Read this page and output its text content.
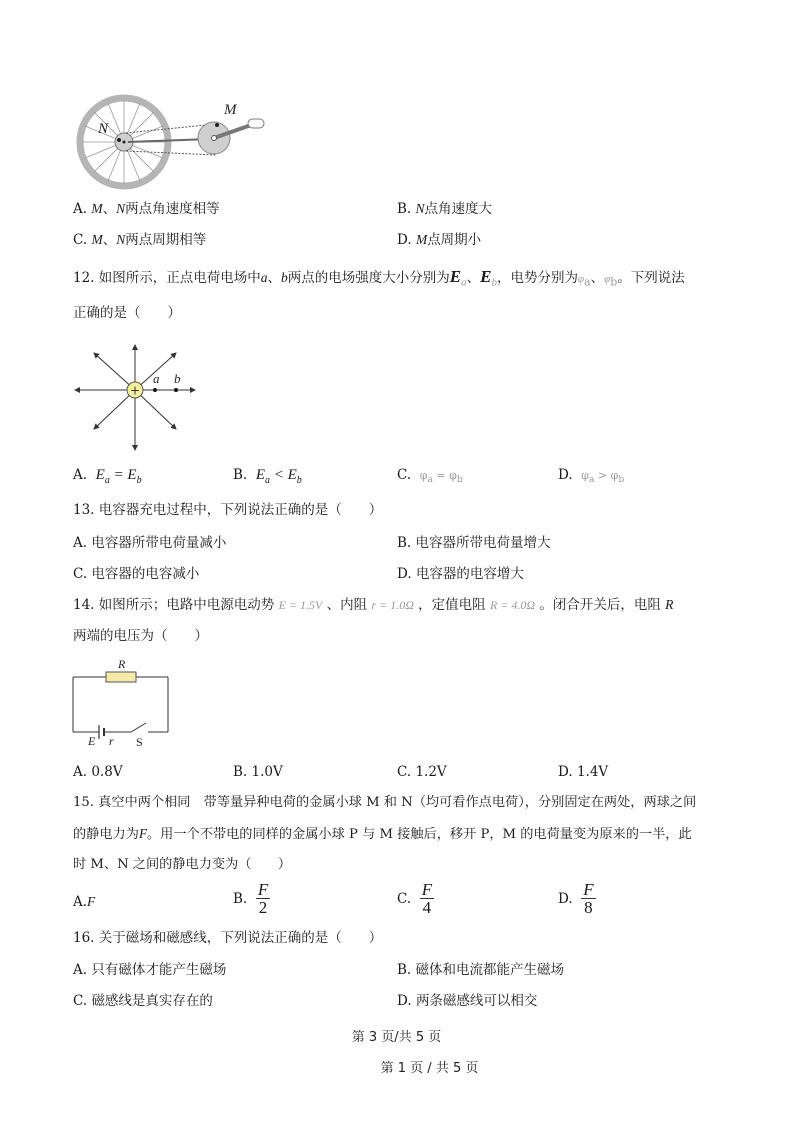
M
N
A. M、N两点角速度相等	B. N点角速度大
C. M、N两点周期相等	D. M点周期小
12. 如图所示，正点电荷电场中a、b两点的电场强度大小分别为$E_a$、$E_b$，电势分别为$\varphi_a$、$\varphi_b$。下列说法
正确的是（　　）
+
a b
A. $E_a = E_b$	B. $E_a < E_b$	C. $\varphi_a = \varphi_b$	D. $\varphi_a > \varphi_b$
13. 电容器充电过程中，下列说法正确的是（　　）
A. 电容器所带电荷量减小	B. 电容器所带电荷量增大
C. 电容器的电容减小	D. 电容器的电容增大
14. 如图所示；电路中电源电动势 E = 1.5V 、内阻 r = 1.0Ω ，定值电阻 R = 4.0Ω 。闭合开关后，电阻 R
两端的电压为（　　）
R
E r S
A. 0.8V	B. 1.0V	C. 1.2V	D. 1.4V
15. 真空中两个相同　带等量异种电荷的金属小球 M 和 N（均可看作点电荷），分别固定在两处，两球之间
的静电力为F。用一个不带电的同样的金属小球 P 与 M 接触后，移开 P，M 的电荷量变为原来的一半，此
时 M、N 之间的静电力变为（　　）
A.F	B. $\frac{F}{2}$	C. $\frac{F}{4}$	D. $\frac{F}{8}$
16. 关于磁场和磁感线，下列说法正确的是（　　）
A. 只有磁体才能产生磁场	B. 磁体和电流都能产生磁场
C. 磁感线是真实存在的	D. 两条磁感线可以相交
第 3 页/共 5 页
第 1 页 / 共 5 页
